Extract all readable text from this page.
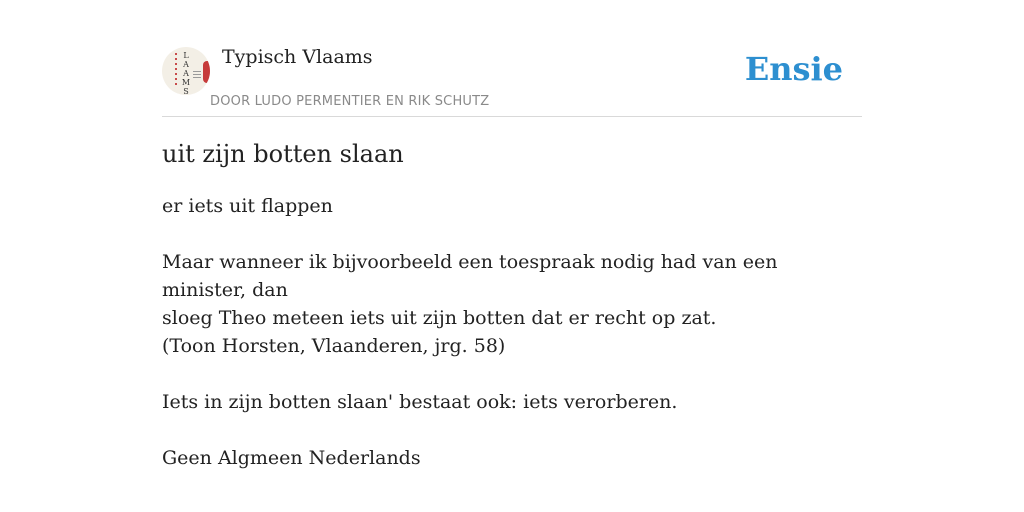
L
A
A
M
S
Typisch Vlaams
DOOR LUDO PERMENTIER EN RIK SCHUTZ
Ensie
uit zijn botten slaan

er iets uit flappen

Maar wanneer ik bijvoorbeeld een toespraak nodig had van een minister, dan

sloeg Theo meteen iets uit zijn botten dat er recht op zat.

(Toon Horsten, Vlaanderen, jrg. 58)

Iets in zijn botten slaan' bestaat ook: iets verorberen.

Geen Algmeen Nederlands
